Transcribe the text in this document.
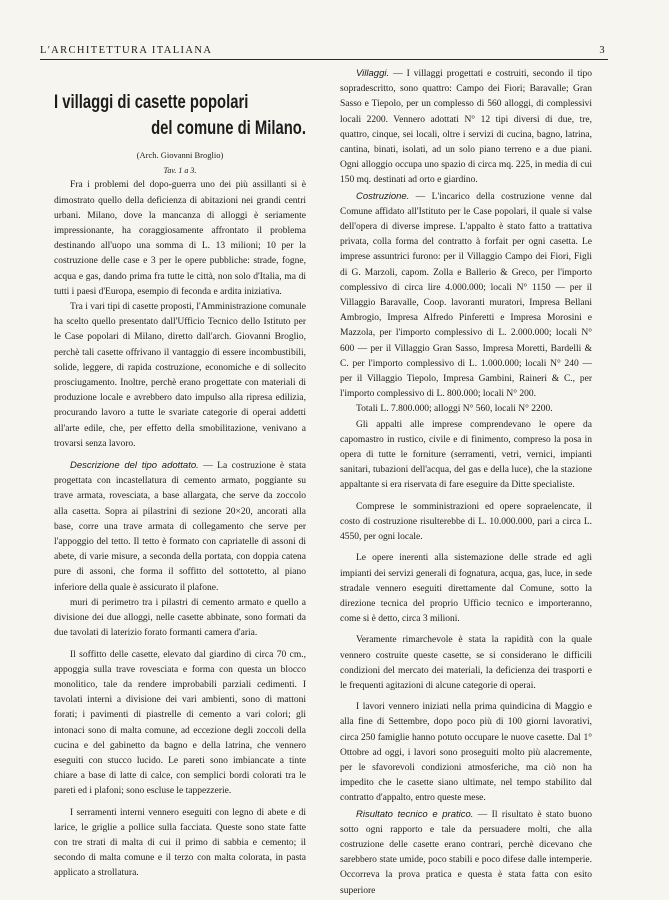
L'ARCHITETTURA ITALIANA	3
I villaggi di casette popolari
del comune di Milano.

(Arch. Giovanni Broglio)

Tav. 1 a 3.

Fra i problemi del dopo-guerra uno dei più assillanti si è dimostrato quello della deficienza di abitazioni nei grandi centri urbani. Milano, dove la mancanza di alloggi è seriamente impressionante, ha coraggiosamente affrontato il problema destinando all'uopo una somma di L. 13 milioni; 10 per la costruzione delle case e 3 per le opere pubbliche: strade, fogne, acqua e gas, dando prima fra tutte le città, non solo d'Italia, ma di tutti i paesi d'Europa, esempio di feconda e ardita iniziativa.

Tra i vari tipi di casette proposti, l'Amministrazione comunale ha scelto quello presentato dall'Ufficio Tecnico dello Istituto per le Case popolari di Milano, diretto dall'arch. Giovanni Broglio, perchè tali casette offrivano il vantaggio di essere incombustibili, solide, leggere, di rapida costruzione, economiche e di sollecito prosciugamento. Inoltre, perchè erano progettate con materiali di produzione locale e avrebbero dato impulso alla ripresa edilizia, procurando lavoro a tutte le svariate categorie di operai addetti all'arte edile, che, per effetto della smobilitazione, venivano a trovarsi senza lavoro.

Descrizione del tipo adottato. — La costruzione è stata progettata con incastellatura di cemento armato, poggiante su trave armata, rovesciata, a base allargata, che serve da zoccolo alla casetta. Sopra ai pilastrini di sezione 20×20, ancorati alla base, corre una trave armata di collegamento che serve per l'appoggio del tetto. Il tetto è formato con capriatelle di assoni di abete, di varie misure, a seconda della portata, con doppia catena pure di assoni, che forma il soffitto del sottotetto, al piano inferiore della quale è assicurato il plafone.

muri di perimetro tra i pilastri di cemento armato e quello a divisione dei due alloggi, nelle casette abbinate, sono formati da due tavolati di laterizio forato formanti camera d'aria.

Il soffitto delle casette, elevato dal giardino di circa 70 cm., appoggia sulla trave rovesciata e forma con questa un blocco monolitico, tale da rendere improbabili parziali cedimenti. I tavolati interni a divisione dei vari ambienti, sono di mattoni forati; i pavimenti di piastrelle di cemento a vari colori; gli intonaci sono di malta comune, ad eccezione degli zoccoli della cucina e del gabinetto da bagno e della latrina, che vennero eseguiti con stucco lucido. Le pareti sono imbiancate a tinte chiare a base di latte di calce, con semplici bordi colorati tra le pareti ed i plafoni; sono escluse le tappezzerie.

I serramenti interni vennero eseguiti con legno di abete e di larice, le griglie a pollice sulla facciata. Queste sono state fatte con tre strati di malta di cui il primo di sabbia e cemento; il secondo di malta comune e il terzo con malta colorata, in pasta applicato a strollatura.

Villaggi. — I villaggi progettati e costruiti, secondo il tipo sopradescritto, sono quattro: Campo dei Fiori; Baravalle; Gran Sasso e Tiepolo, per un complesso di 560 alloggi, di complessivi locali 2200. Vennero adottati N° 12 tipi diversi di due, tre, quattro, cinque, sei locali, oltre i servizi di cucina, bagno, latrina, cantina, binati, isolati, ad un solo piano terreno e a due piani. Ogni alloggio occupa uno spazio di circa mq. 225, in media di cui 150 mq. destinati ad orto e giardino.

Costruzione. — L'incarico della costruzione venne dal Comune affidato all'Istituto per le Case popolari, il quale si valse dell'opera di diverse imprese. L'appalto è stato fatto a trattativa privata, colla forma del contratto à forfait per ogni casetta. Le imprese assuntrici furono: per il Villaggio Campo dei Fiori, Figli di G. Marzoli, capom. Zolla e Ballerio & Greco, per l'importo complessivo di circa lire 4.000.000; locali N° 1150 — per il Villaggio Baravalle, Coop. lavoranti muratori, Impresa Bellani Ambrogio, Impresa Alfredo Pinferetti e Impresa Morosini e Mazzola, per l'importo complessivo di L. 2.000.000; locali N° 600 — per il Villaggio Gran Sasso, Impresa Moretti, Bardelli & C. per l'importo complessivo di L. 1.000.000; locali N° 240 — per il Villaggio Tiepolo, Impresa Gambini, Raineri & C., per l'importo complessivo di L. 800.000; locali N° 200.

Totali L. 7.800.000; alloggi N° 560, locali N° 2200.

Gli appalti alle imprese comprendevano le opere da capomastro in rustico, civile e di finimento, compreso la posa in opera di tutte le forniture (serramenti, vetri, vernici, impianti sanitari, tubazioni dell'acqua, del gas e della luce), che la stazione appaltante si era riservata di fare eseguire da Ditte specialiste.

Comprese le somministrazioni ed opere sopraelencate, il costo di costruzione risulterebbe di L. 10.000.000, pari a circa L. 4550, per ogni locale.

Le opere inerenti alla sistemazione delle strade ed agli impianti dei servizi generali di fognatura, acqua, gas, luce, in sede stradale vennero eseguiti direttamente dal Comune, sotto la direzione tecnica del proprio Ufficio tecnico e importeranno, come si è detto, circa 3 milioni.

Veramente rimarchevole è stata la rapidità con la quale vennero costruite queste casette, se si considerano le difficili condizioni del mercato dei materiali, la deficienza dei trasporti e le frequenti agitazioni di alcune categorie di operai.

I lavori vennero iniziati nella prima quindicina di Maggio e alla fine di Settembre, dopo poco più di 100 giorni lavorativi, circa 250 famiglie hanno potuto occupare le nuove casette. Dal 1° Ottobre ad oggi, i lavori sono proseguiti molto più alacremente, per le sfavorevoli condizioni atmosferiche, ma ciò non ha impedito che le casette siano ultimate, nel tempo stabilito dal contratto d'appalto, entro queste mese.

Risultato tecnico e pratico. — Il risultato è stato buono sotto ogni rapporto e tale da persuadere molti, che alla costruzione delle casette erano contrari, perchè dicevano che sarebbero state umide, poco stabili e poco difese dalle intemperie. Occorreva la prova pratica e questa è stata fatta con esito superiore
